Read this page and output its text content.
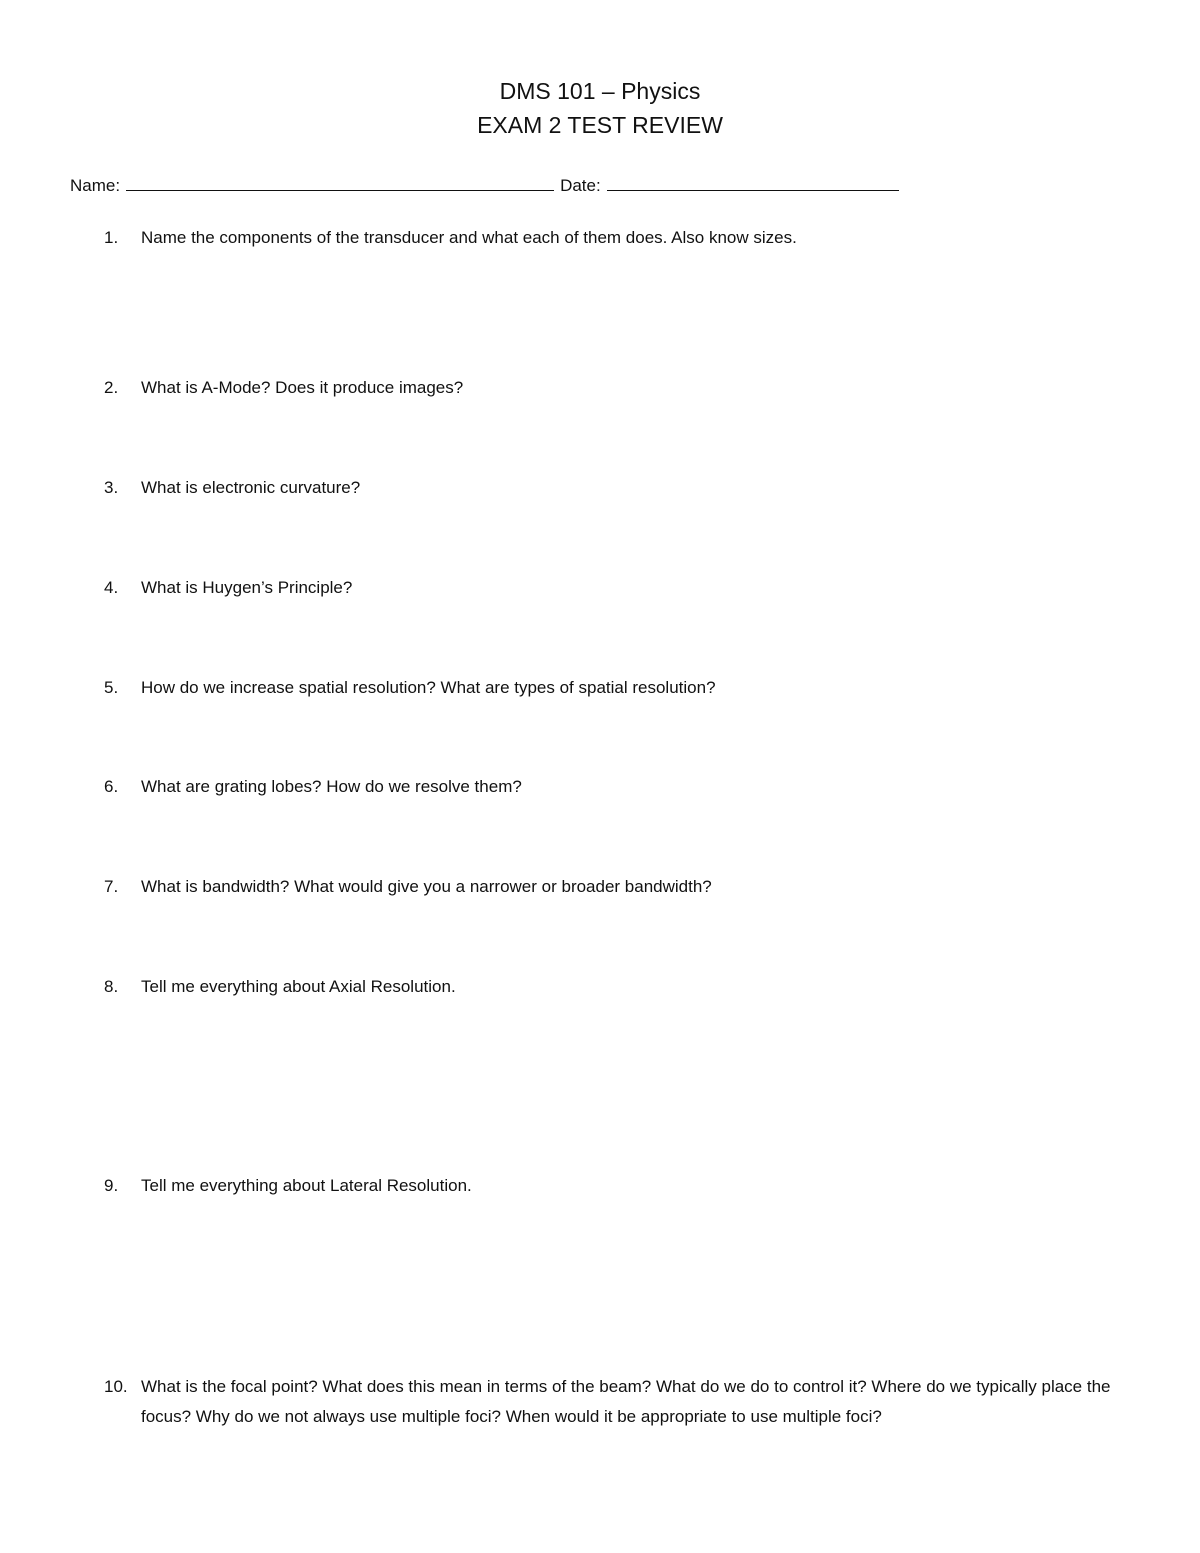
DMS 101 – Physics
EXAM 2 TEST REVIEW
Name:	Date:
1.	Name the components of the transducer and what each of them does. Also know sizes.
2.	What is A-Mode? Does it produce images?
3.	What is electronic curvature?
4.	What is Huygen’s Principle?
5.	How do we increase spatial resolution? What are types of spatial resolution?
6.	What are grating lobes? How do we resolve them?
7.	What is bandwidth? What would give you a narrower or broader bandwidth?
8.	Tell me everything about Axial Resolution.
9.	Tell me everything about Lateral Resolution.
10. What is the focal point? What does this mean in terms of the beam? What do we do to control it? Where do we typically place the focus? Why do we not always use multiple foci? When would it be appropriate to use multiple foci?
